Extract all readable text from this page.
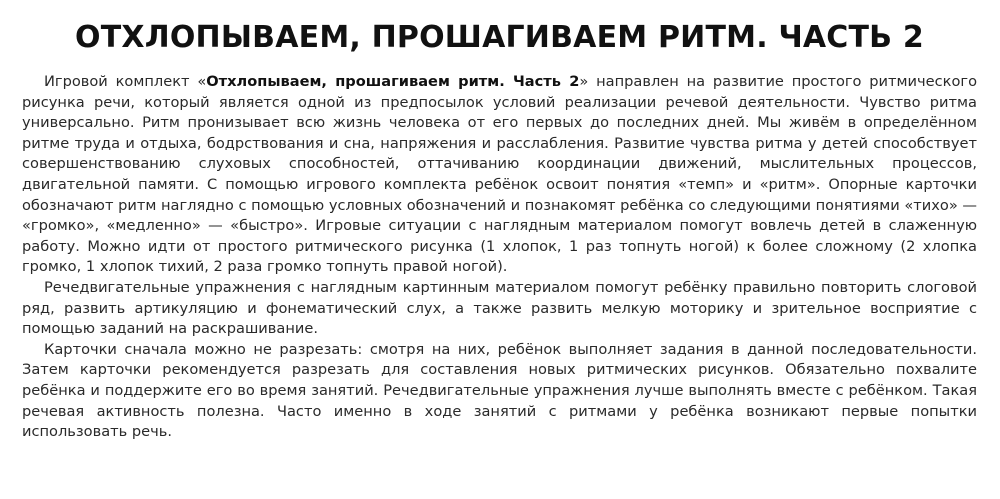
ОТХЛОПЫВАЕМ, ПРОШАГИВАЕМ РИТМ. ЧАСТЬ 2

Игровой комплект «Отхлопываем, прошагиваем ритм. Часть 2» направлен на развитие простого ритмического рисунка речи, который является одной из предпосылок условий реализации речевой деятельности. Чувство ритма универсально. Ритм пронизывает всю жизнь человека от его первых до последних дней. Мы живём в определённом ритме труда и отдыха, бодрствования и сна, напряжения и расслабления. Развитие чувства ритма у детей способствует совершенствованию слуховых способностей, оттачиванию координации движений, мыслительных процессов, двигательной памяти. С помощью игрового комплекта ребёнок освоит понятия «темп» и «ритм». Опорные карточки обозначают ритм наглядно с помощью условных обозначений и познакомят ребёнка со следующими понятиями «тихо» — «громко», «медленно» — «быстро». Игровые ситуации с наглядным материалом помогут вовлечь детей в слаженную работу. Можно идти от простого ритмического рисунка (1 хлопок, 1 раз топнуть ногой) к более сложному (2 хлопка громко, 1 хлопок тихий, 2 раза громко топнуть правой ногой).

Речедвигательные упражнения с наглядным картинным материалом помогут ребёнку правильно повторить слоговой ряд, развить артикуляцию и фонематический слух, а также развить мелкую моторику и зрительное восприятие с помощью заданий на раскрашивание.

Карточки сначала можно не разрезать: смотря на них, ребёнок выполняет задания в данной последовательности. Затем карточки рекомендуется разрезать для составления новых ритмических рисунков. Обязательно похвалите ребёнка и поддержите его во время занятий. Речедвигательные упражнения лучше выполнять вместе с ребёнком. Такая речевая активность полезна. Часто именно в ходе занятий с ритмами у ребёнка возникают первые попытки использовать речь.
